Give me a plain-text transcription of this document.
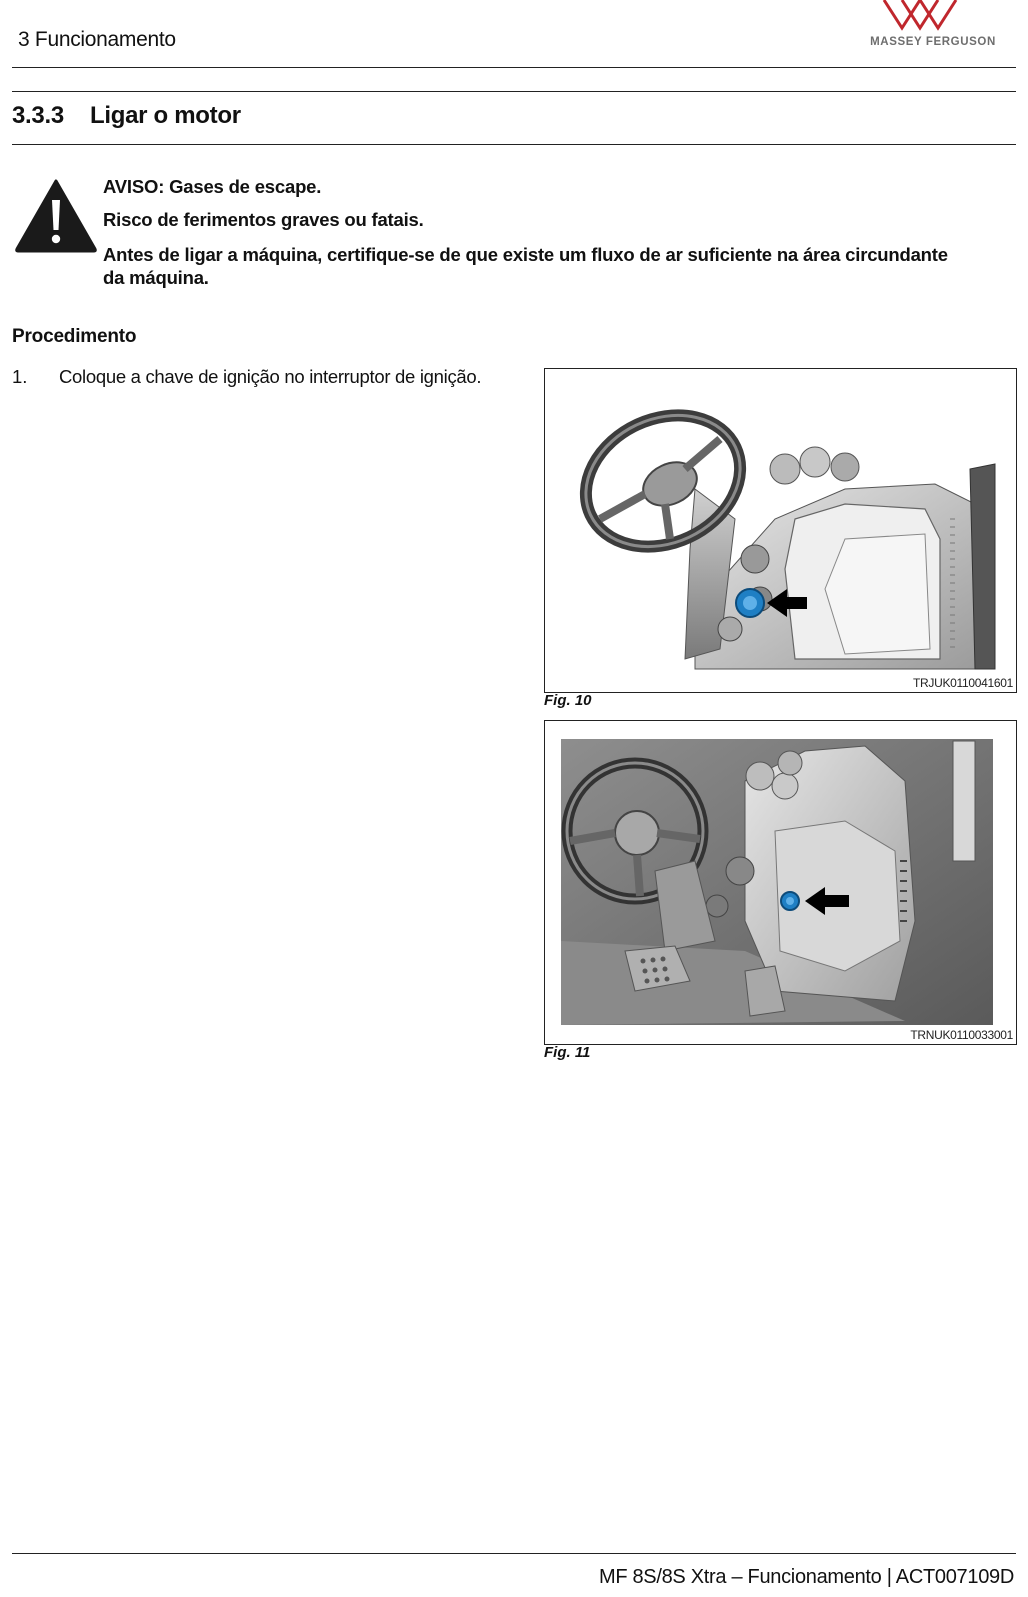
3 Funcionamento	MASSEY FERGUSON
3.3.3 Ligar o motor
AVISO: Gases de escape.
Risco de ferimentos graves ou fatais.
Antes de ligar a máquina, certifique-se de que existe um fluxo de ar suficiente na área circundante da máquina.
Procedimento
1. Coloque a chave de ignição no interruptor de ignição.
TRJUK0110041601
Fig. 10
TRNUK0110033001
Fig. 11
MF 8S/8S Xtra – Funcionamento | ACT007109D
